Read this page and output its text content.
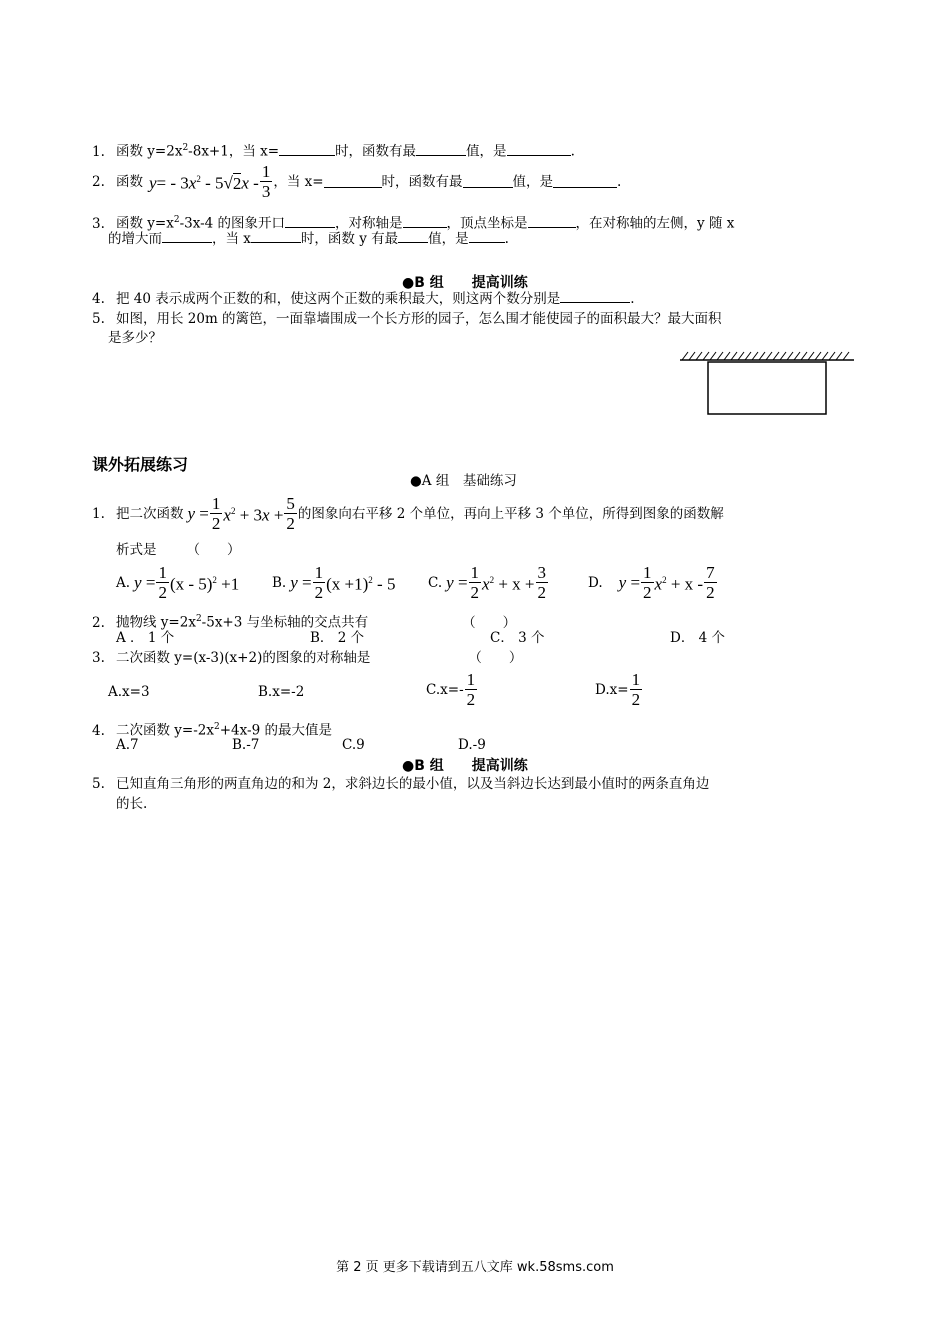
1. 函数 $y=2x^2-8x+1$，当 x=	时，函数有最	值，是	.
2. 函数 $y= - 3x^2 - 5√2x - \frac{1}{3}$ ，当 x=	时，函数有最	值，是	.
3. 函数 $y=x^2-3x-4$ 的图象开口	，对称轴是	，顶点坐标是	，在对称轴的左侧，y 随 x
的增大而	，当 x	时，函数 y 有最 值，是	.
●B 组　　提高训练
4. 把 40 表示成两个正数的和，使这两个正数的乘积最大，则这两个数分别是	.
5. 如图，用长 20m 的篱笆，一面靠墙围成一个长方形的园子，怎么围才能使园子的面积最大？最大面积
是多少？
课外拓展练习
●A 组　基础练习
1. 把二次函数 $y = \frac{1}{2} x^2 + 3x + \frac{5}{2}$ 的图象向右平移 2 个单位，再向上平移 3 个单位，所得到图象的函数解
析式是 （　　）
A. $y = \frac{1}{2} (x - 5)^2 +1$ B. $y = \frac{1}{2} (x +1)^2 - 5$ C. $y = \frac{1}{2} x^2 + x + \frac{3}{2}$	D. $y = \frac{1}{2} x^2 + x - \frac{7}{2}$
2. 抛物线 $y=2x^2-5x+3$ 与坐标轴的交点共有	（　　）
A ． 1 个	B． 2 个	C． 3 个	D． 4 个
3. 二次函数 y=(x-3)(x+2)的图象的对称轴是	（　　）
A.x=3	B.x=-2	$C.x=- \frac{1}{2}$	$D.x= \frac{1}{2}$
4. 二次函数 $y=-2x^2+4x-9$ 的最大值是
A.7	B.-7	C.9	D.-9
●B 组　　提高训练
5. 已知直角三角形的两直角边的和为 2，求斜边长的最小值，以及当斜边长达到最小值时的两条直角边
的长.
第 2 页 更多下载请到五八文库 wk.58sms.com
